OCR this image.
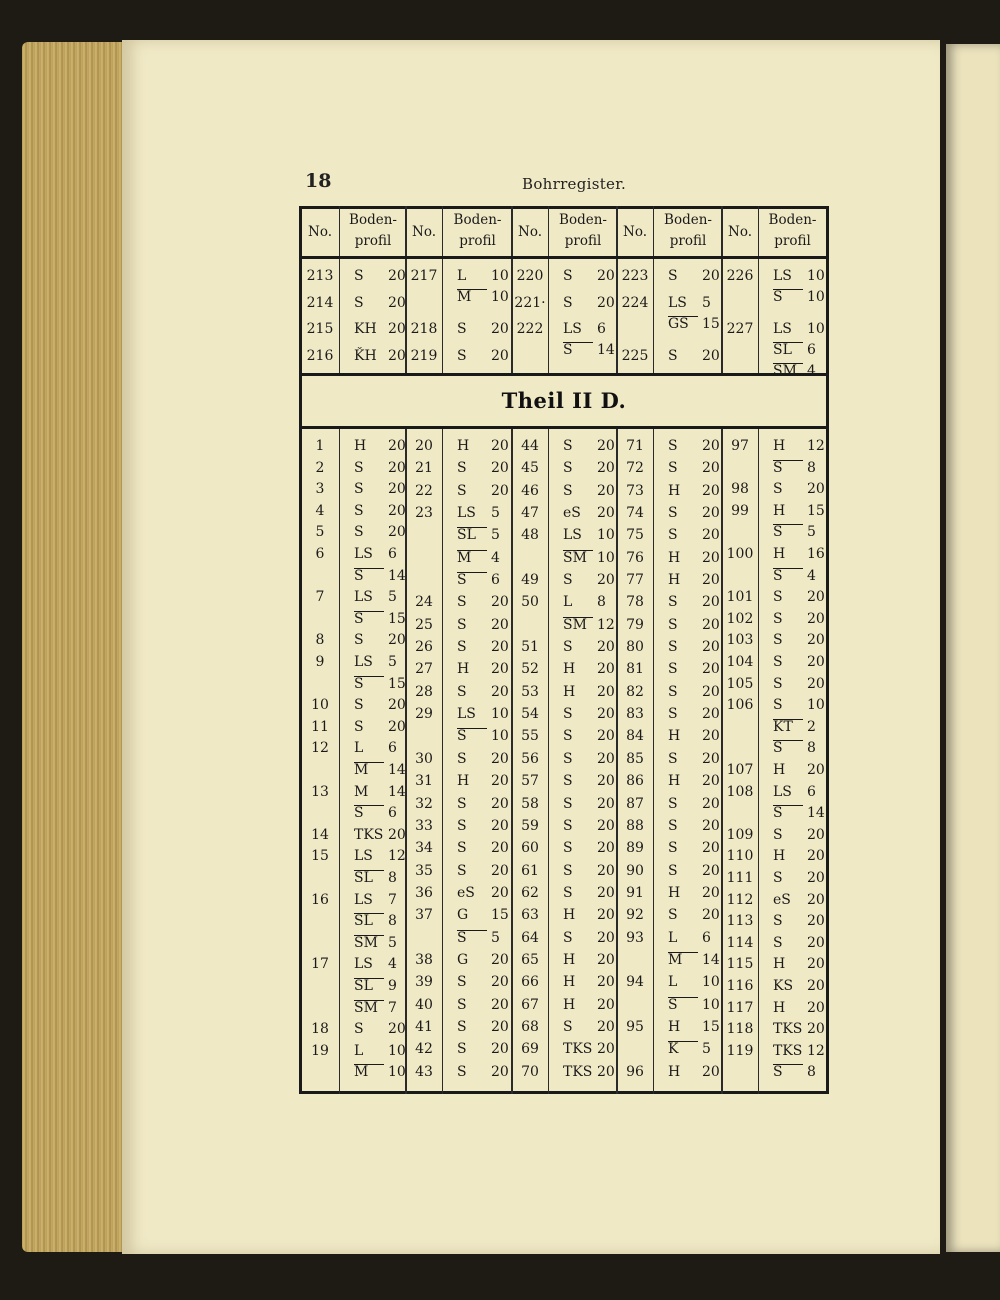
18	Bohrregister.
No.
Boden-
profil
No.
Boden-
profil
No.
Boden-
profil
No.
Boden-
profil
No.
Boden-
profil
Theil II D.
213	S 20
214	S 20
215	KH 20
216	ǨH 20
217 L 10
M 10
218 S 20
219 S 20
220 S 20
221· S 20
222 LS 6
S 14
223 S 20
224 LS 5
GS 15
225 S 20
226 LS 10
S 10
227 LS 10
SL 6
SM 4
1	H 20
2	S 20
3	S 20
4	S 20
5	S 20
6	LS 6
S 14
7	LS 5
S 15
8	S 20
9	LS 5
S 15
10	S 20
11	S 20
12	L 6
M 14
13	M 14
S 6
14	TKS 20
15	LS 12
SL 8
16	LS 7
SL 8
SM 5
17	LS 4
SL 9
SM 7
18	S 20
19	L 10
M 10
20	H 20
21	S 20
22	S 20
23	LS 5
SL 5
M 4
S 6
24	S 20
25	S 20
26	S 20
27	H 20
28	S 20
29	LS 10
S 10
30	S 20
31	H 20
32	S 20
33	S 20
34	S 20
35	S 20
36	eS 20
37	G 15
S 5
38	G 20
39	S 20
40	S 20
41	S 20
42	S 20
43	S 20
44	S 20
45	S 20
46	S 20
47	eS 20
48	LS 10
SM 10
49	S 20
50	L 8
SM 12
51	S 20
52	H 20
53	H 20
54	S 20
55	S 20
56	S 20
57	S 20
58	S 20
59	S 20
60	S 20
61	S 20
62	S 20
63	H 20
64	S 20
65	H 20
66	H 20
67	H 20
68	S 20
69	TKS 20
70	TKS 20
71	S 20
72	S 20
73	H 20
74	S 20
75	S 20
76	H 20
77	H 20
78	S 20
79	S 20
80	S 20
81	S 20
82	S 20
83	S 20
84	H 20
85	S 20
86	H 20
87	S 20
88	S 20
89	S 20
90	S 20
91	H 20
92	S 20
93	L 6
M 14
94	L 10
S 10
95	H 15
K 5
96	H 20
97	H 12
S 8
98	S 20
99	H 15
S 5
100 H 16
S 4
101 S 20
102 S 20
103 S 20
104 S 20
105 S 20
106 S 10
KT 2
S 8
107 H 20
108 LS 6
S 14
109 S 20
110 H 20
111 S 20
112 eS 20
113 S 20
114 S 20
115 H 20
116 KS 20
117 H 20
118 TKS 20
119 TKS 12
S 8
